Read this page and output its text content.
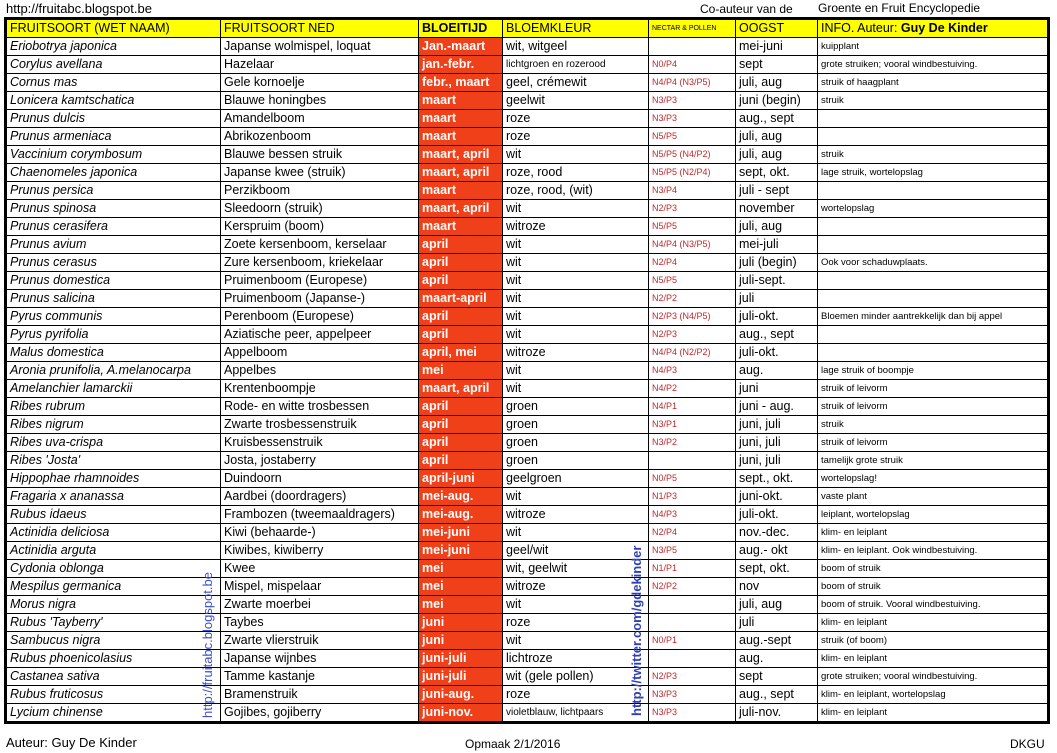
http://fruitabc.blogspot.be	Co-auteur van de Groente en Fruit Encyclopedie
FRUITSOORT (WET NAAM)	FRUITSOORT NED	BLOEITIJD	BLOEMKLEUR	NECTAR & POLLEN	OOGST	INFO. Auteur: Guy De Kinder
Eriobotrya japonica	Japanse wolmispel, loquat	Jan.-maart	wit, witgeel		mei-juni	kuipplant
Corylus avellana	Hazelaar	jan.-febr.	lichtgroen en rozerood	N0/P4	sept	grote struiken; vooral windbestuiving.
Cornus mas	Gele kornoelje	febr., maart	geel, crémewit	N4/P4 (N3/P5)	juli, aug	struik of haagplant
Lonicera kamtschatica	Blauwe honingbes	maart	geelwit	N3/P3	juni (begin)	struik
Prunus dulcis	Amandelboom	maart	roze	N3/P3	aug., sept	
Prunus armeniaca	Abrikozenboom	maart	roze	N5/P5	juli, aug	
Vaccinium corymbosum	Blauwe bessen struik	maart, april	wit	N5/P5 (N4/P2)	juli, aug	struik
Chaenomeles japonica	Japanse kwee (struik)	maart, april	roze, rood	N5/P5 (N2/P4)	sept, okt.	lage struik, wortelopslag
Prunus persica	Perzikboom	maart	roze, rood, (wit)	N3/P4	juli - sept	
Prunus spinosa	Sleedoorn (struik)	maart, april	wit	N2/P3	november	wortelopslag
Prunus cerasifera	Kerspruim (boom)	maart	witroze	N5/P5	juli, aug	
Prunus avium	Zoete kersenboom, kerselaar	april	wit	N4/P4 (N3/P5)	mei-juli	
Prunus cerasus	Zure kersenboom, kriekelaar	april	wit	N2/P4	juli (begin)	Ook voor schaduwplaats.
Prunus domestica	Pruimenboom (Europese)	april	wit	N5/P5	juli-sept.	
Prunus salicina	Pruimenboom (Japanse-)	maart-april	wit	N2/P2	juli	
Pyrus communis	Perenboom (Europese)	april	wit	N2/P3 (N4/P5)	juli-okt.	Bloemen minder aantrekkelijk dan bij appel
Pyrus pyrifolia	Aziatische peer, appelpeer	april	wit	N2/P3	aug., sept	
Malus domestica	Appelboom	april, mei	witroze	N4/P4 (N2/P2)	juli-okt.	
Aronia prunifolia, A.melanocarpa	Appelbes	mei	wit	N4/P3	aug.	lage struik of boompje
Amelanchier lamarckii	Krentenboompje	maart, april	wit	N4/P2	juni	struik of leivorm
Ribes rubrum	Rode- en witte trosbessen	april	groen	N4/P1	juni - aug.	struik of leivorm
Ribes nigrum	Zwarte trosbessenstruik	april	groen	N3/P1	juni, juli	struik
Ribes uva-crispa	Kruisbessenstruik	april	groen	N3/P2	juni, juli	struik of leivorm
Ribes 'Josta'	Josta, jostaberry	april	groen		juni, juli	tamelijk grote struik
Hippophae rhamnoides	Duindoorn	april-juni	geelgroen	N0/P5	sept., okt.	wortelopslag!
Fragaria x ananassa	Aardbei (doordragers)	mei-aug.	wit	N1/P3	juni-okt.	vaste plant
Rubus idaeus	Frambozen (tweemaaldragers)	mei-aug.	witroze	N4/P3	juli-okt.	leiplant, wortelopslag
Actinidia deliciosa	Kiwi (behaarde-)	mei-juni	wit	N2/P4	nov.-dec.	klim- en leiplant
Actinidia arguta	Kiwibes, kiwiberry	mei-juni	geel/wit	N3/P5	aug.- okt	klim- en leiplant. Ook windbestuiving.
Cydonia oblonga	Kwee	mei	wit, geelwit	N1/P1	sept, okt.	boom of struik
Mespilus germanica	Mispel, mispelaar	mei	witroze	N2/P2	nov	boom of struik
Morus nigra	Zwarte moerbei	mei	wit		juli, aug	boom of struik. Vooral windbestuiving.
Rubus 'Tayberry'	Taybes	juni	roze		juli	klim- en leiplant
Sambucus nigra	Zwarte vlierstruik	juni	wit	N0/P1	aug.-sept	struik (of boom)
Rubus phoenicolasius	Japanse wijnbes	juni-juli	lichtroze		aug.	klim- en leiplant
Castanea sativa	Tamme kastanje	juni-juli	wit (gele pollen)	N2/P3	sept	grote struiken; vooral windbestuiving.
Rubus fruticosus	Bramenstruik	juni-aug.	roze	N3/P3	aug., sept	klim- en leiplant, wortelopslag
Lycium chinense	Gojibes, gojiberry	juni-nov.	violetblauw, lichtpaars	N3/P3	juli-nov.	klim- en leiplant
http://fruitabc.blogspot.be	http://twitter.com/gdekinder
Auteur: Guy De Kinder	Opmaak 2/1/2016	DKGU
